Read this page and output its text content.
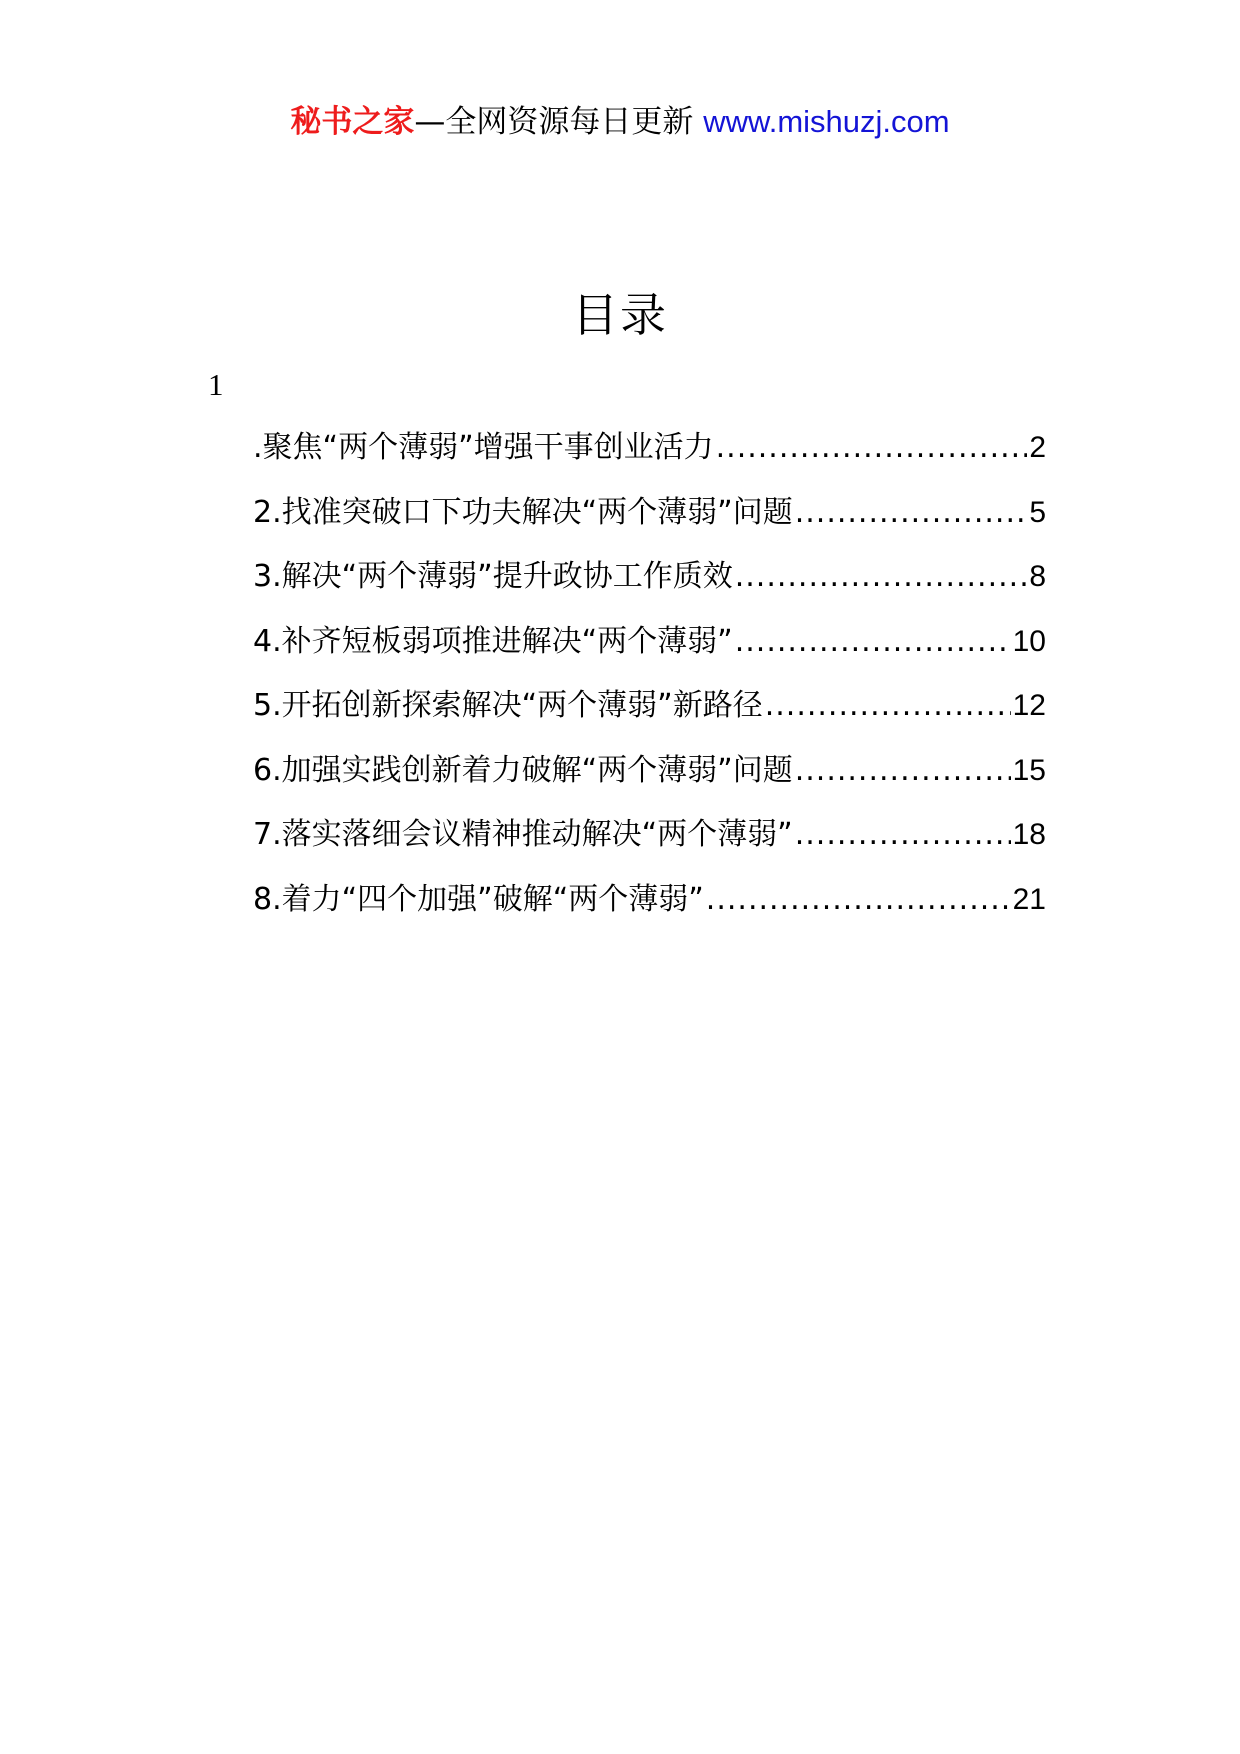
秘书之家—全网资源每日更新 www.mishuzj.com
目录
1
.聚焦“两个薄弱”增强干事创业活力 .....	2
2.找准突破口下功夫解决“两个薄弱”问题 .....	5
3.解决“两个薄弱”提升政协工作质效 .....	8
4.补齐短板弱项推进解决“两个薄弱” .....	10
5.开拓创新探索解决“两个薄弱”新路径 .....	12
6.加强实践创新着力破解“两个薄弱”问题 .....	15
7.落实落细会议精神推动解决“两个薄弱” .....	18
8.着力“四个加强”破解“两个薄弱” .....	21
